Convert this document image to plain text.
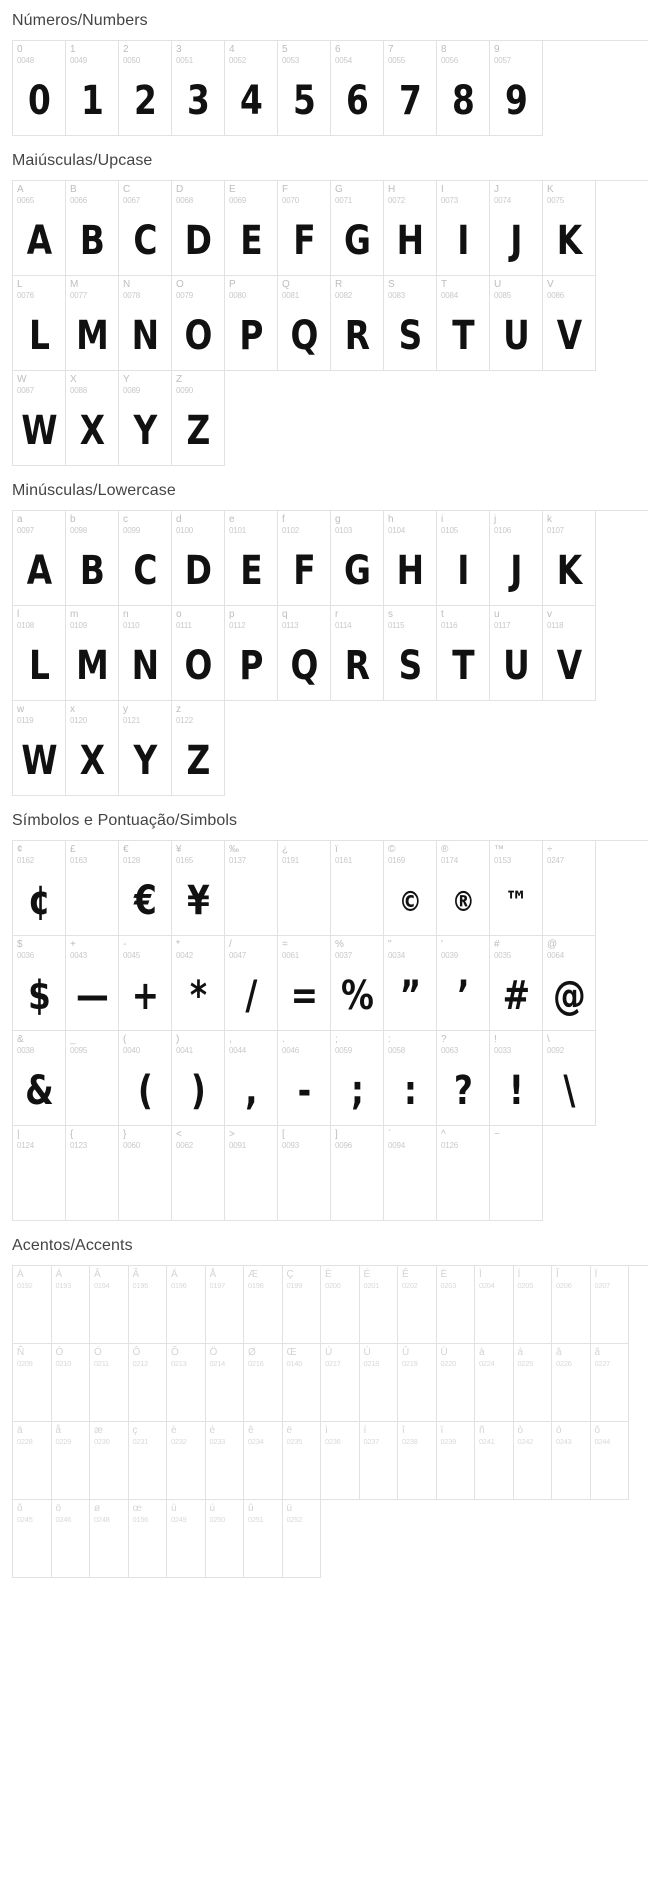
Números/Numbers
0
0048
0
1
0049
1
2
0050
2
3
0051
3
4
0052
4
5
0053
5
6
0054
6
7
0055
7
8
0056
8
9
0057
9
Maiúsculas/Upcase
A
0065
A
B
0066
B
C
0067
C
D
0068
D
E
0069
E
F
0070
F
G
0071
G
H
0072
H
I
0073
I
J
0074
J
K
0075
K
L
0076
L
M
0077
M
N
0078
N
O
0079
O
P
0080
P
Q
0081
Q
R
0082
R
S
0083
S
T
0084
T
U
0085
U
V
0086
V
W
0087
W
X
0088
X
Y
0089
Y
Z
0090
Z
Minúsculas/Lowercase
a
0097
A
b
0098
B
c
0099
C
d
0100
D
e
0101
E
f
0102
F
g
0103
G
h
0104
H
i
0105
I
j
0106
J
k
0107
K
l
0108
L
m
0109
M
n
0110
N
o
0111
O
p
0112
P
q
0113
Q
r
0114
R
s
0115
S
t
0116
T
u
0117
U
v
0118
V
w
0119
W
x
0120
X
y
0121
Y
z
0122
Z
Símbolos e Pontuação/Simbols
¢
0162
¢
£
0163
€
0128
€
¥
0165
¥
‰
0137
¿
0191
ï
0161
©
0169
©
®
0174
®
™
0153
™
÷
0247
$
0036
$
+
0043
—
-
0045
+
*
0042
*
/
0047
/
=
0061
=
%
0037
%
"
0034
”
'
0039
’
#
0035
#
@
0064
@
&
0038
&
_
0095
(
0040
(
)
0041
)
,
0044
,
.
0046
-
;
0059
;
:
0058
:
?
0063
?
!
0033
!
\
0092
\
|
0124
{
0123
}
0060
<
0062
>
0091
[
0093
]
0096
`
0094
^
0126
~
Acentos/Accents
À
0192
Á
0193
Â
0194
Ã
0195
Ä
0196
Å
0197
Æ
0198
Ç
0199
È
0200
É
0201
Ê
0202
Ë
0203
Ì
0204
Í
0205
Î
0206
Ï
0207
Ñ
0209
Ò
0210
Ó
0211
Ô
0212
Õ
0213
Ö
0214
Ø
0216
Œ
0140
Ù
0217
Ú
0218
Û
0219
Ü
0220
à
0224
á
0225
â
0226
ã
0227
ä
0228
å
0229
æ
0230
ç
0231
è
0232
é
0233
ê
0234
ë
0235
ì
0236
í
0237
î
0238
ï
0239
ñ
0241
ò
0242
ó
0243
ô
0244
õ
0245
ö
0246
ø
0248
œ
0156
ù
0249
ú
0250
û
0251
ü
0252
